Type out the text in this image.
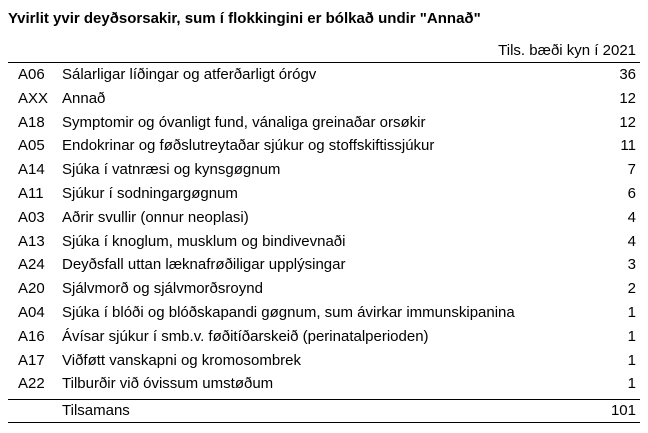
Yvirlit yvir deyðsorsakir, sum í flokkingini er bólkað undir "Annað"
Tils. bæði kyn í 2021
A06 Sálarligar líðingar og atferðarligt órógv	36
AXX Annað	12
A18 Symptomir og óvanligt fund, vánaliga greinaðar orsøkir	12
A05 Endokrinar og føðslutreytaðar sjúkur og stoffskiftissjúkur	11
A14 Sjúka í vatnræsi og kynsgøgnum	7
A11 Sjúkur í sodningargøgnum	6
A03 Aðrir svullir (onnur neoplasi)	4
A13 Sjúka í knoglum, musklum og bindivevnaði	4
A24 Deyðsfall uttan læknafrøðiligar upplýsingar	3
A20 Sjálvmorð og sjálvmorðsroynd	2
A04 Sjúka í blóði og blóðskapandi gøgnum, sum ávirkar immunskipanina	1
A16 Ávísar sjúkur í smb.v. føðitíðarskeið (perinatalperioden)	1
A17 Viðføtt vanskapni og kromosombrek	1
A22 Tilburðir við óvissum umstøðum	1
Tilsamans	101
